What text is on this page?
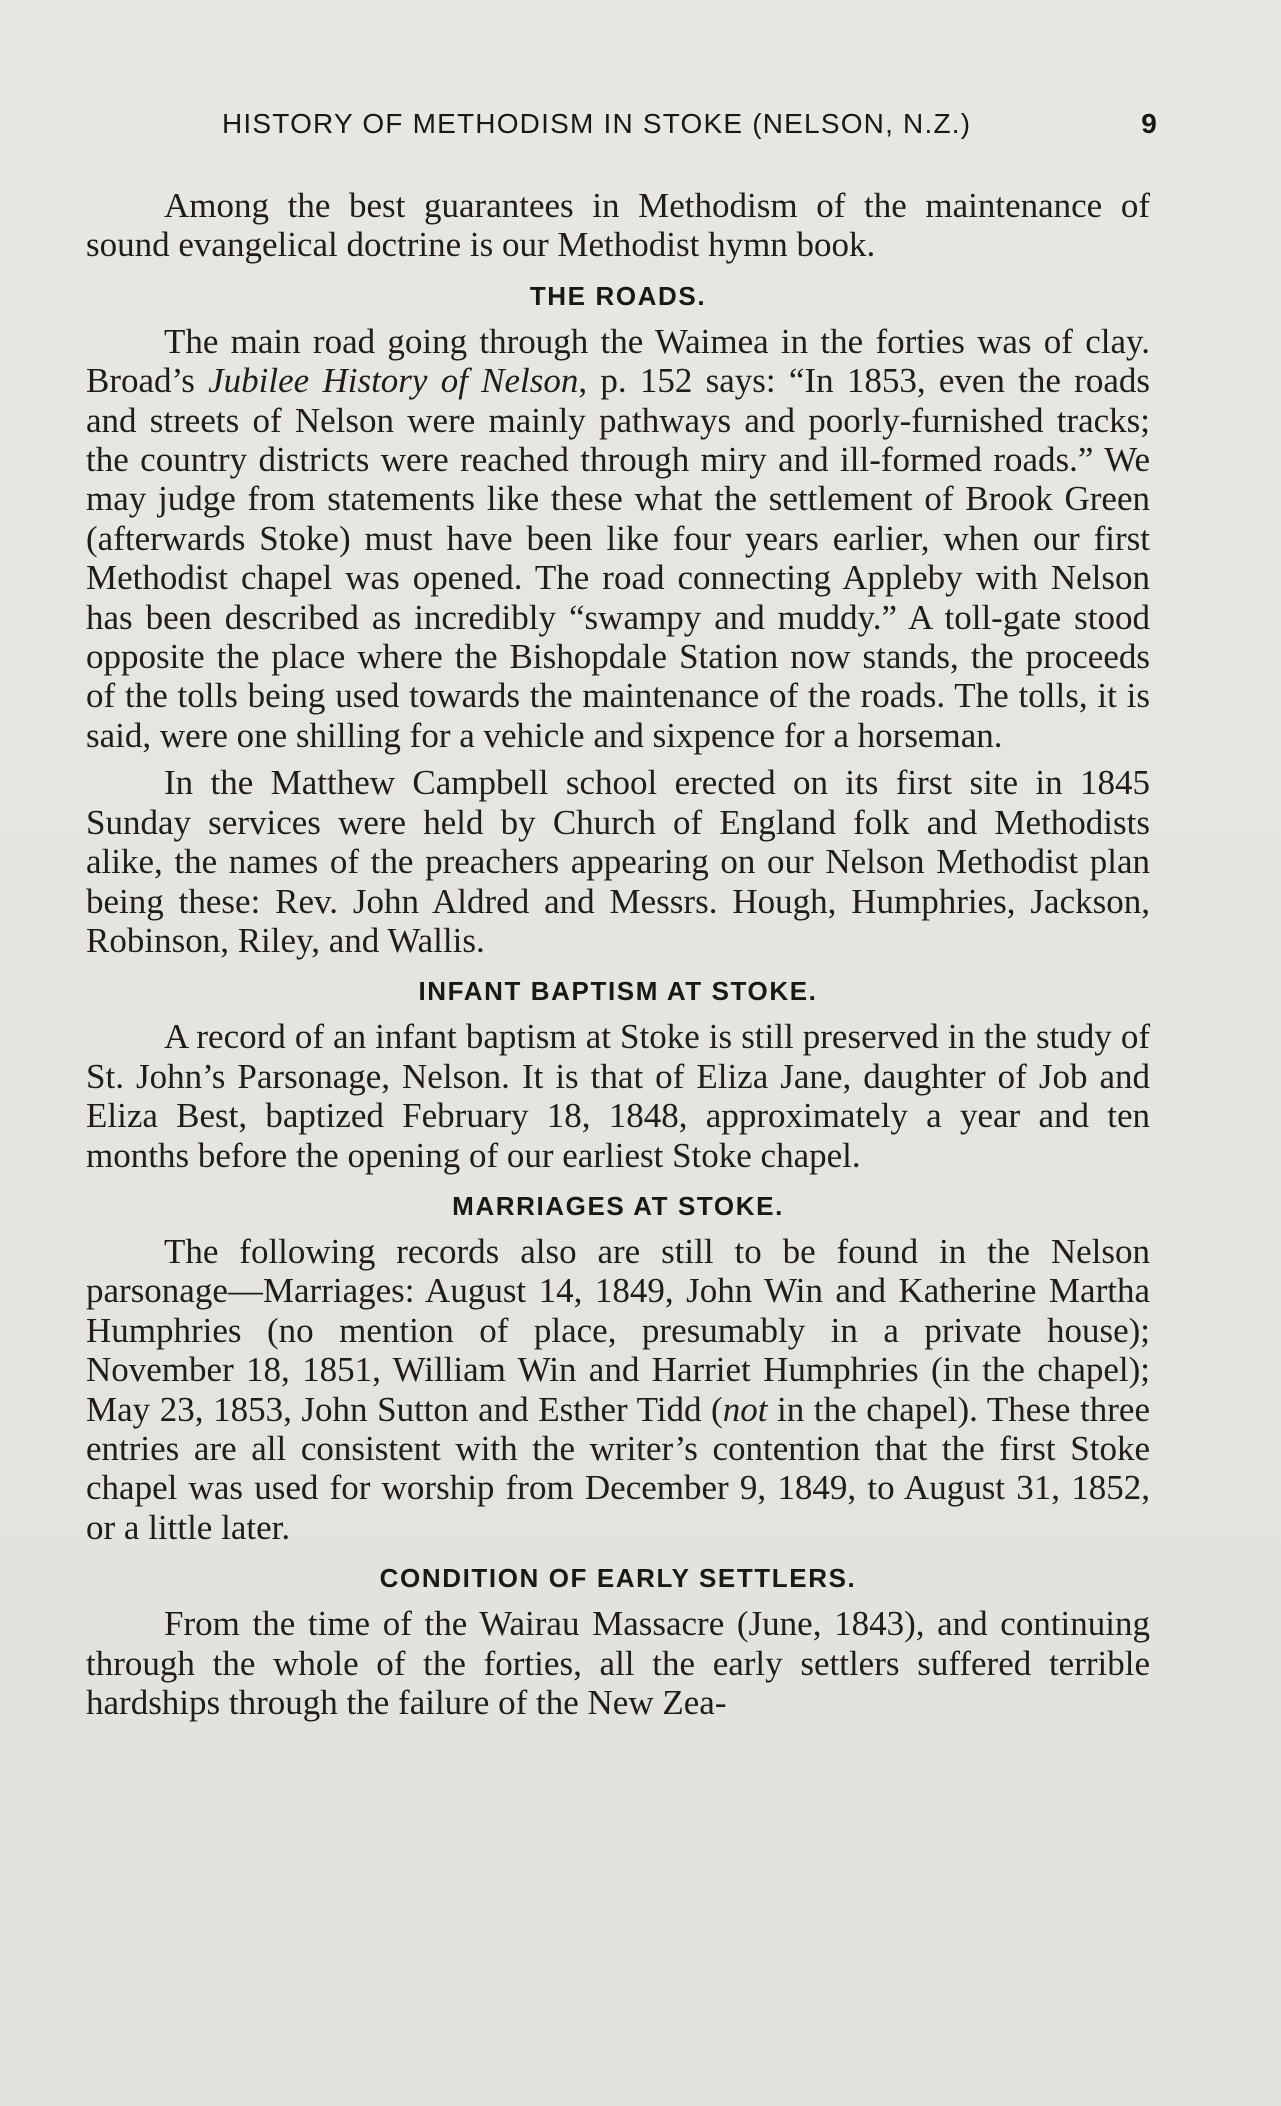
HISTORY OF METHODISM IN STOKE (NELSON, N.Z.)	9

Among the best guarantees in Methodism of the maintenance of sound evangelical doctrine is our Methodist hymn book.

THE ROADS.

The main road going through the Waimea in the forties was of clay. Broad’s Jubilee History of Nelson, p. 152 says: “In 1853, even the roads and streets of Nelson were mainly pathways and poorly-furnished tracks; the country districts were reached through miry and ill-formed roads.” We may judge from statements like these what the settlement of Brook Green (afterwards Stoke) must have been like four years earlier, when our first Methodist chapel was opened. The road connecting Appleby with Nelson has been described as incredibly “swampy and muddy.” A toll-gate stood opposite the place where the Bishopdale Station now stands, the proceeds of the tolls being used towards the maintenance of the roads. The tolls, it is said, were one shilling for a vehicle and sixpence for a horseman.

In the Matthew Campbell school erected on its first site in 1845 Sunday services were held by Church of England folk and Methodists alike, the names of the preachers appearing on our Nelson Methodist plan being these: Rev. John Aldred and Messrs. Hough, Humphries, Jackson, Robinson, Riley, and Wallis.

INFANT BAPTISM AT STOKE.

A record of an infant baptism at Stoke is still preserved in the study of St. John’s Parsonage, Nelson. It is that of Eliza Jane, daughter of Job and Eliza Best, baptized February 18, 1848, approximately a year and ten months before the opening of our earliest Stoke chapel.

MARRIAGES AT STOKE.

The following records also are still to be found in the Nelson parsonage—Marriages: August 14, 1849, John Win and Katherine Martha Humphries (no mention of place, presumably in a private house); November 18, 1851, William Win and Harriet Humphries (in the chapel); May 23, 1853, John Sutton and Esther Tidd (not in the chapel). These three entries are all consistent with the writer’s contention that the first Stoke chapel was used for worship from December 9, 1849, to August 31, 1852, or a little later.

CONDITION OF EARLY SETTLERS.

From the time of the Wairau Massacre (June, 1843), and continuing through the whole of the forties, all the early settlers suffered terrible hardships through the failure of the New Zea-
